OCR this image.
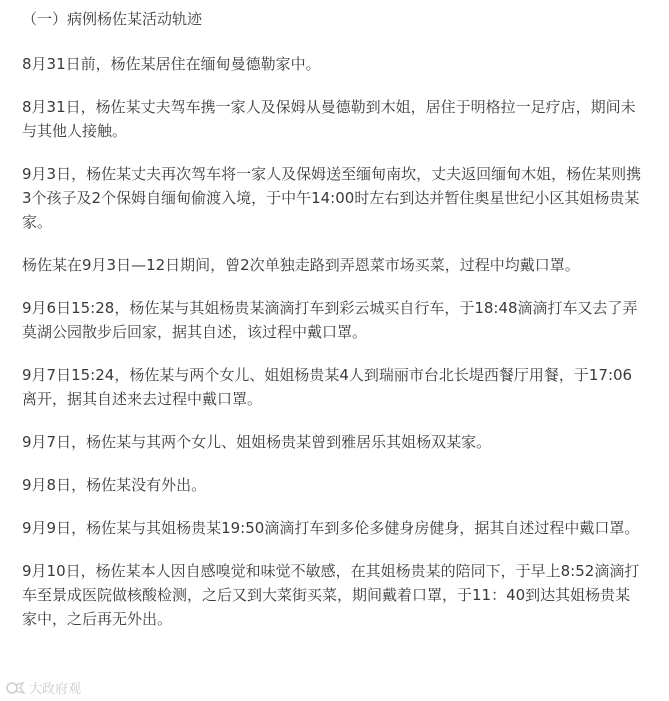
（一）病例杨佐某活动轨迹

8月31日前，杨佐某居住在缅甸曼德勒家中。

8月31日，杨佐某丈夫驾车携一家人及保姆从曼德勒到木姐，居住于明格拉一足疗店，期间未与其他人接触。

9月3日，杨佐某丈夫再次驾车将一家人及保姆送至缅甸南坎，丈夫返回缅甸木姐，杨佐某则携3个孩子及2个保姆自缅甸偷渡入境，于中午14:00时左右到达并暂住奥星世纪小区其姐杨贵某家。

杨佐某在9月3日—12日期间，曾2次单独走路到弄恩菜市场买菜，过程中均戴口罩。

9月6日15:28，杨佐某与其姐杨贵某滴滴打车到彩云城买自行车，于18:48滴滴打车又去了弄莫湖公园散步后回家，据其自述，该过程中戴口罩。

9月7日15:24，杨佐某与两个女儿、姐姐杨贵某4人到瑞丽市台北长堤西餐厅用餐，于17:06离开，据其自述来去过程中戴口罩。

9月7日，杨佐某与其两个女儿、姐姐杨贵某曾到雅居乐其姐杨双某家。

9月8日，杨佐某没有外出。

9月9日，杨佐某与其姐杨贵某19:50滴滴打车到多伦多健身房健身，据其自述过程中戴口罩。

9月10日，杨佐某本人因自感嗅觉和味觉不敏感，在其姐杨贵某的陪同下，于早上8:52滴滴打车至景成医院做核酸检测，之后又到大菜街买菜，期间戴着口罩，于11：40到达其姐杨贵某家中，之后再无外出。

大政府观
